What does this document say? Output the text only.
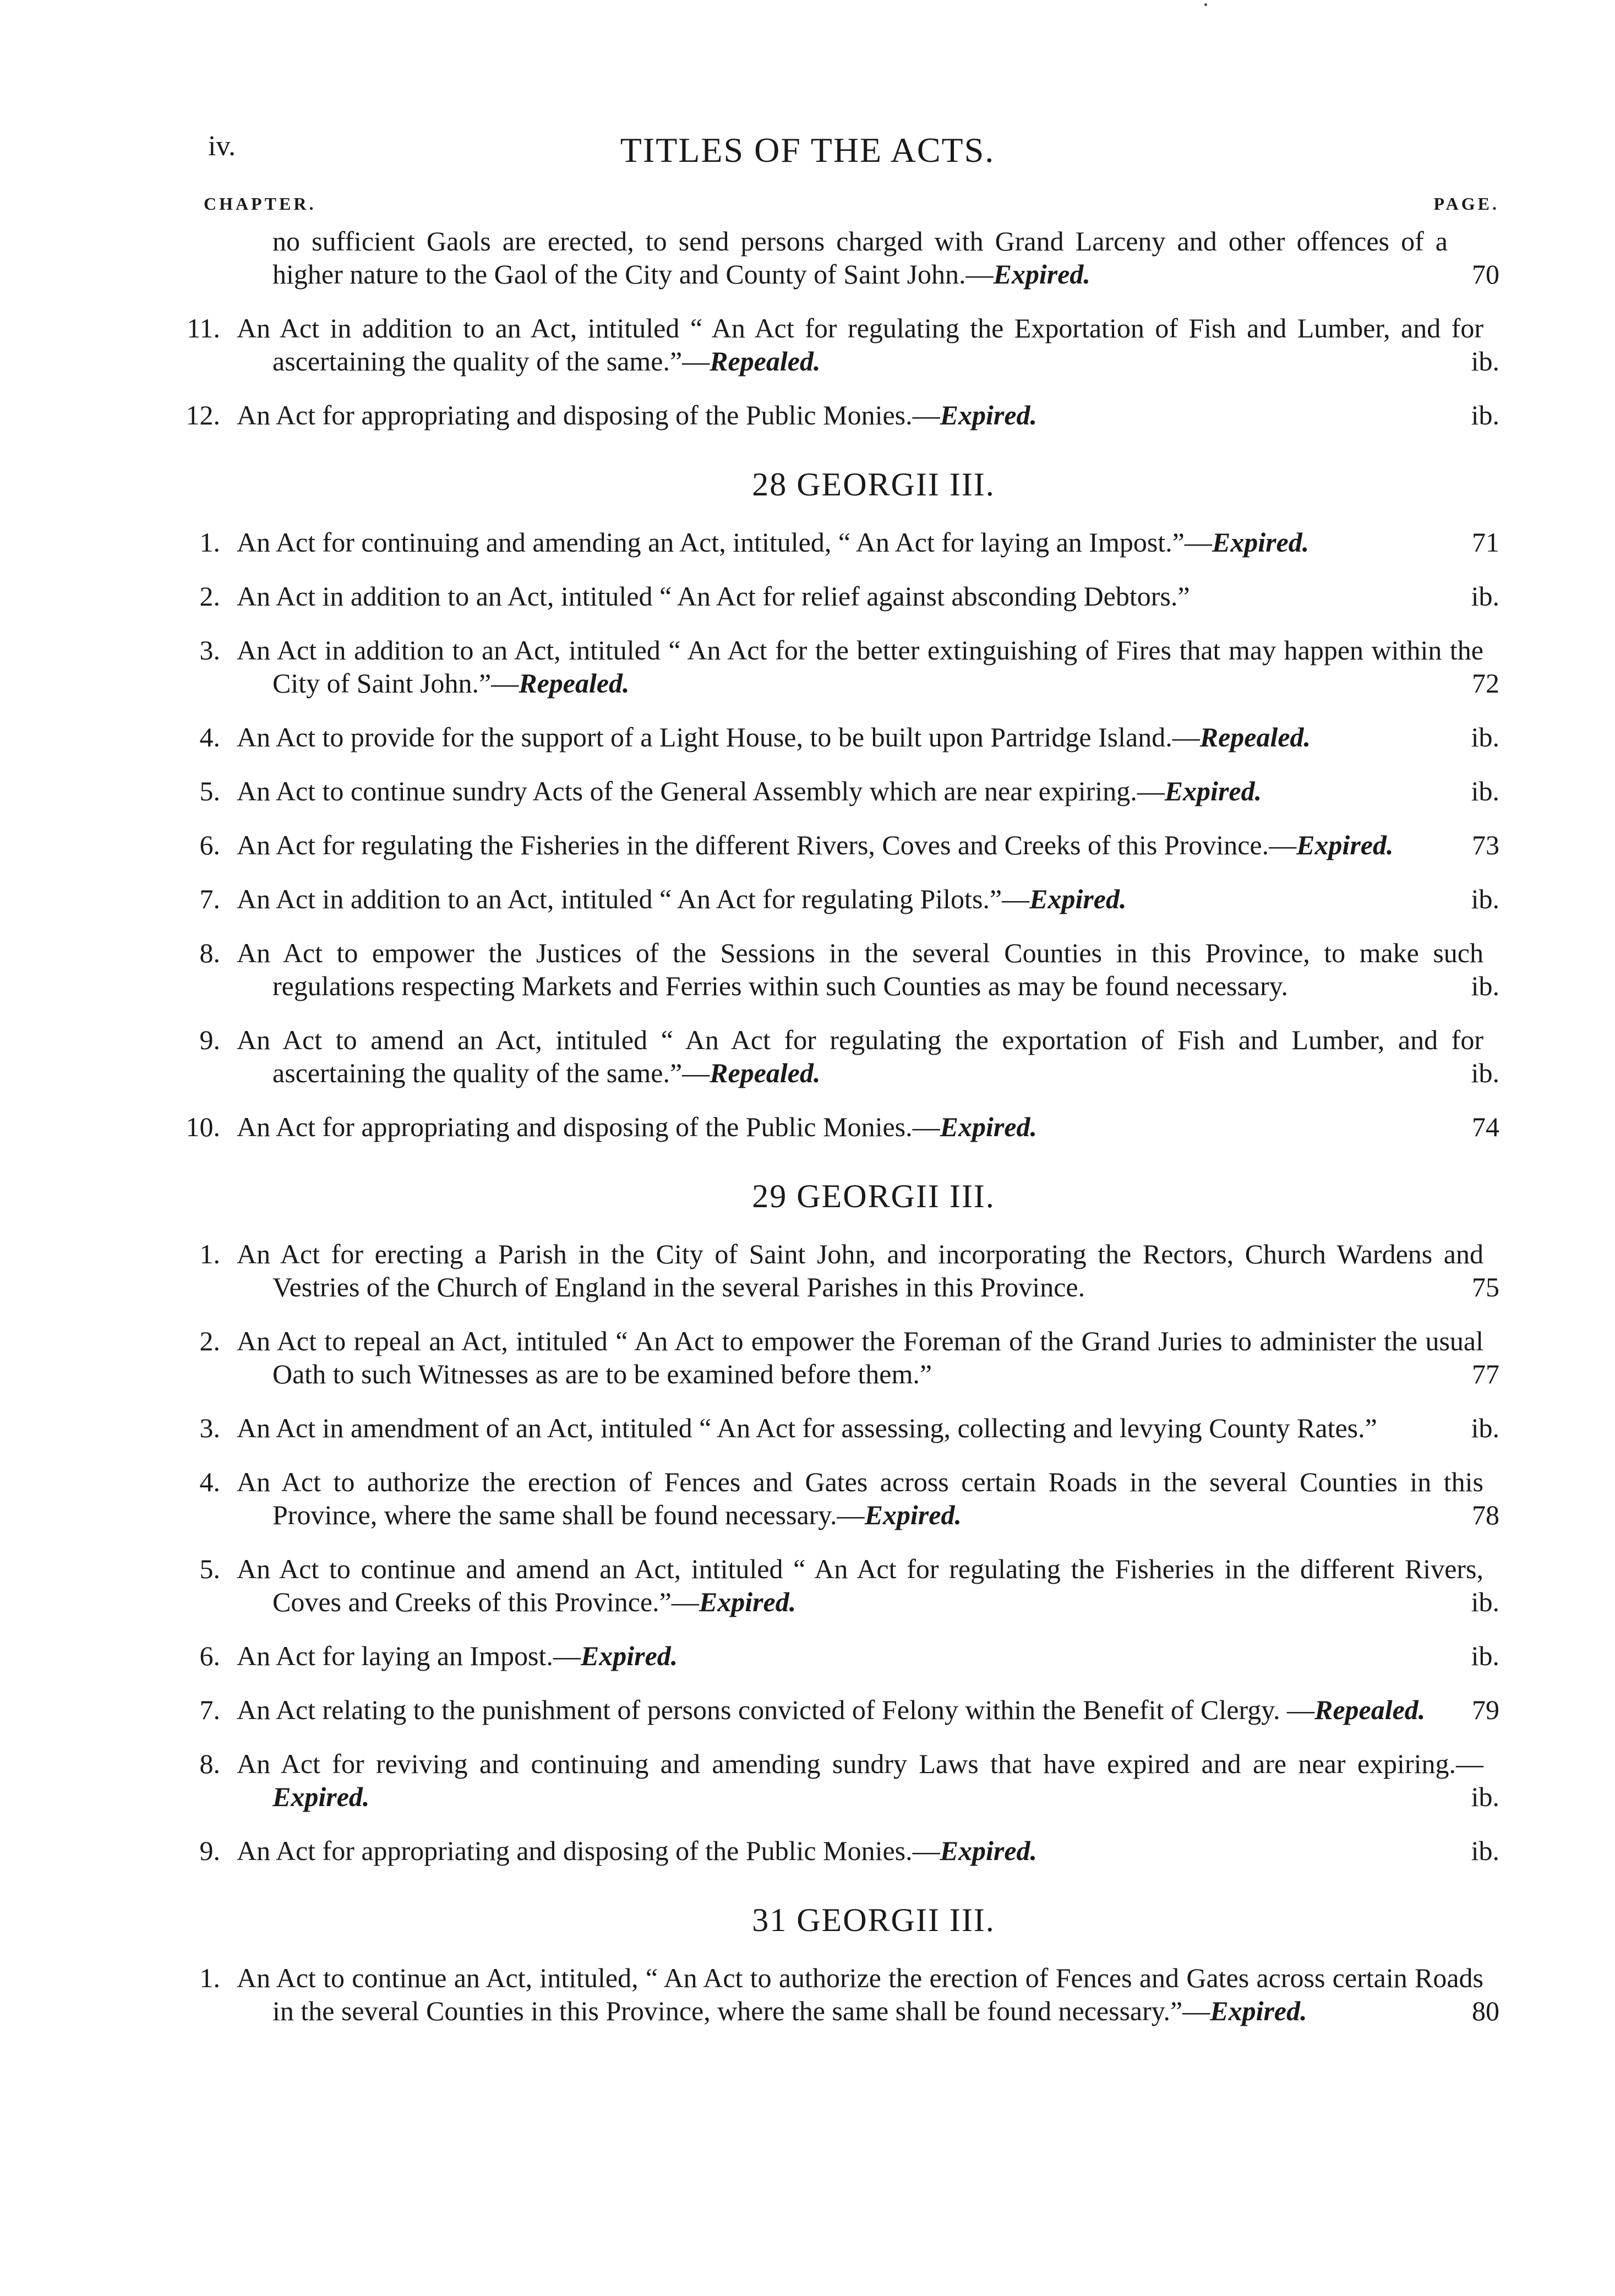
iv.	TITLES OF THE ACTS.
CHAPTER.	PAGE.
no sufficient Gaols are erected, to send persons charged with Grand Larceny and other offences of a higher nature to the Gaol of the City and County of Saint John.—Expired.	70
11. An Act in addition to an Act, intituled “ An Act for regulating the Exportation of Fish and Lumber, and for ascertaining the quality of the same.”—Repealed.	ib.
12. An Act for appropriating and disposing of the Public Monies.—Expired.	ib.
28 GEORGII III.
1. An Act for continuing and amending an Act, intituled, “ An Act for laying an Impost.”—Expired.	71
2. An Act in addition to an Act, intituled “ An Act for relief against absconding Debtors.”	ib.
3. An Act in addition to an Act, intituled “ An Act for the better extinguishing of Fires that may happen within the City of Saint John.”—Repealed.	72
4. An Act to provide for the support of a Light House, to be built upon Partridge Island.—Repealed.	ib.
5. An Act to continue sundry Acts of the General Assembly which are near expiring.—Expired.	ib.
6. An Act for regulating the Fisheries in the different Rivers, Coves and Creeks of this Province.—Expired.	73
7. An Act in addition to an Act, intituled “ An Act for regulating Pilots.”—Expired.	ib.
8. An Act to empower the Justices of the Sessions in the several Counties in this Province, to make such regulations respecting Markets and Ferries within such Counties as may be found necessary.	ib.
9. An Act to amend an Act, intituled “ An Act for regulating the exportation of Fish and Lumber, and for ascertaining the quality of the same.”—Repealed.	ib.
10. An Act for appropriating and disposing of the Public Monies.—Expired.	74
29 GEORGII III.
1. An Act for erecting a Parish in the City of Saint John, and incorporating the Rectors, Church Wardens and Vestries of the Church of England in the several Parishes in this Province.	75
2. An Act to repeal an Act, intituled “ An Act to empower the Foreman of the Grand Juries to administer the usual Oath to such Witnesses as are to be examined before them.”	77
3. An Act in amendment of an Act, intituled “ An Act for assessing, collecting and levying County Rates.”	ib.
4. An Act to authorize the erection of Fences and Gates across certain Roads in the several Counties in this Province, where the same shall be found necessary.—Expired.	78
5. An Act to continue and amend an Act, intituled “ An Act for regulating the Fisheries in the different Rivers, Coves and Creeks of this Province.”—Expired.	ib.
6. An Act for laying an Impost.—Expired.	ib.
7. An Act relating to the punishment of persons convicted of Felony within the Benefit of Clergy. —Repealed.	79
8. An Act for reviving and continuing and amending sundry Laws that have expired and are near expiring.—Expired.	ib.
9. An Act for appropriating and disposing of the Public Monies.—Expired.	ib.
31 GEORGII III.
1. An Act to continue an Act, intituled, “ An Act to authorize the erection of Fences and Gates across certain Roads in the several Counties in this Province, where the same shall be found necessary.”—Expired.	80
